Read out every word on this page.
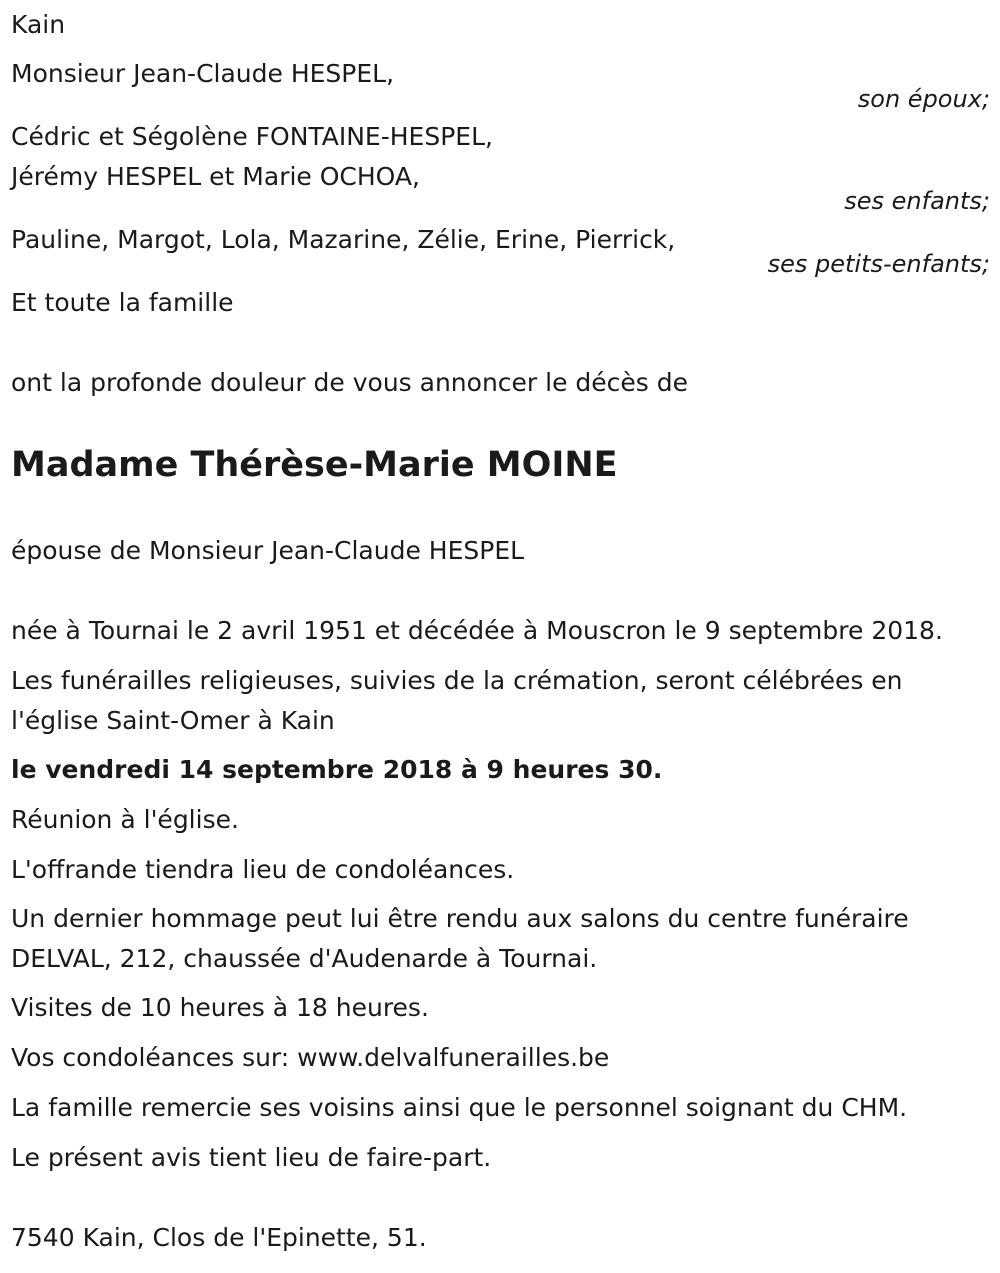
Kain
Monsieur Jean-Claude HESPEL,
son époux;
Cédric et Ségolène FONTAINE-HESPEL,
Jérémy HESPEL et Marie OCHOA,
ses enfants;
Pauline, Margot, Lola, Mazarine, Zélie, Erine, Pierrick,
ses petits-enfants;
Et toute la famille
ont la profonde douleur de vous annoncer le décès de
Madame Thérèse-Marie MOINE
épouse de Monsieur Jean-Claude HESPEL
née à Tournai le 2 avril 1951 et décédée à Mouscron le 9 septembre 2018.
Les funérailles religieuses, suivies de la crémation, seront célébrées en
l'église Saint-Omer à Kain
le vendredi 14 septembre 2018 à 9 heures 30.
Réunion à l'église.
L'offrande tiendra lieu de condoléances.
Un dernier hommage peut lui être rendu aux salons du centre funéraire
DELVAL, 212, chaussée d'Audenarde à Tournai.
Visites de 10 heures à 18 heures.
Vos condoléances sur: www.delvalfunerailles.be
La famille remercie ses voisins ainsi que le personnel soignant du CHM.
Le présent avis tient lieu de faire-part.
7540 Kain, Clos de l'Epinette, 51.
